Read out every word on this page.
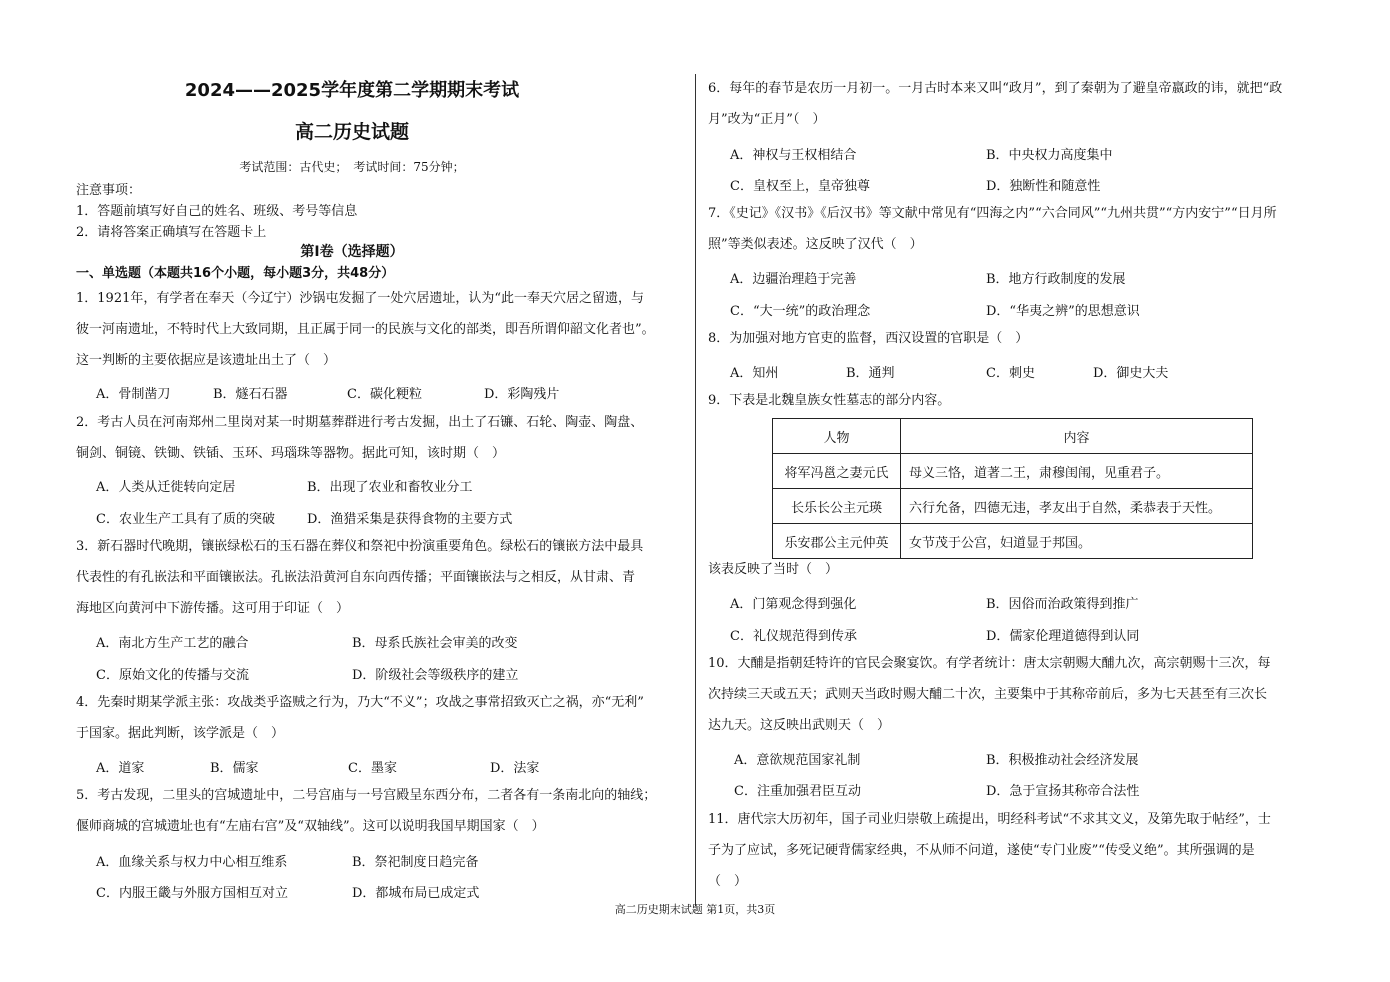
2024——2025学年度第二学期期末考试
高二历史试题
考试范围：古代史；　考试时间：75分钟；
注意事项：
1．答题前填写好自己的姓名、班级、考号等信息
2．请将答案正确填写在答题卡上
第Ⅰ卷（选择题）
一、单选题（本题共16个小题，每小题3分，共48分）
1．1921年，有学者在奉天（今辽宁）沙锅屯发掘了一处穴居遗址，认为“此一奉天穴居之留遗，与
彼一河南遗址，不特时代上大致同期，且正属于同一的民族与文化的部类，即吾所谓仰韶文化者也”。
这一判断的主要依据应是该遗址出土了（　）
A．骨制凿刀	B．燧石石器	C．碳化粳粒	D．彩陶残片
2．考古人员在河南郑州二里岗对某一时期墓葬群进行考古发掘，出土了石镰、石轮、陶壶、陶盘、
铜剑、铜镜、铁锄、铁锸、玉环、玛瑙珠等器物。据此可知，该时期（　）
A．人类从迁徙转向定居	B．出现了农业和畜牧业分工
C．农业生产工具有了质的突破 D．渔猎采集是获得食物的主要方式
3．新石器时代晚期，镶嵌绿松石的玉石器在葬仪和祭祀中扮演重要角色。绿松石的镶嵌方法中最具
代表性的有孔嵌法和平面镶嵌法。孔嵌法沿黄河自东向西传播；平面镶嵌法与之相反，从甘肃、青
海地区向黄河中下游传播。这可用于印证（　）
A．南北方生产工艺的融合	B．母系氏族社会审美的改变
C．原始文化的传播与交流	D．阶级社会等级秩序的建立
4．先秦时期某学派主张：攻战类乎盗贼之行为，乃大“不义”；攻战之事常招致灭亡之祸，亦“无利”
于国家。据此判断，该学派是（　）
A．道家	B．儒家	C．墨家	D．法家
5．考古发现，二里头的宫城遗址中，二号宫庙与一号宫殿呈东西分布，二者各有一条南北向的轴线；
偃师商城的宫城遗址也有“左庙右宫”及“双轴线”。这可以说明我国早期国家（　）
A．血缘关系与权力中心相互维系	B．祭祀制度日趋完备
C．内服王畿与外服方国相互对立	D．都城布局已成定式
6．每年的春节是农历一月初一。一月古时本来又叫“政月”，到了秦朝为了避皇帝嬴政的讳，就把“政
月”改为“正月”（　）
A．神权与王权相结合	B．中央权力高度集中
C．皇权至上，皇帝独尊	D．独断性和随意性
7．《史记》《汉书》《后汉书》等文献中常见有“四海之内”“六合同风”“九州共贯”“方内安宁”“日月所
照”等类似表述。这反映了汉代（　）
A．边疆治理趋于完善	B．地方行政制度的发展
C．“大一统”的政治理念	D．“华夷之辨”的思想意识
8．为加强对地方官吏的监督，西汉设置的官职是（　）
A．知州	B．通判	C．刺史	D．御史大夫
9．下表是北魏皇族女性墓志的部分内容。
人物	内容
将军冯邕之妻元氏	母义三恪，道著二王，肃穆闺闱，见重君子。
长乐长公主元瑛	六行允备，四德无违，孝友出于自然，柔恭表于天性。
乐安郡公主元仲英	女节茂于公宫，妇道显于邦国。
该表反映了当时（　）
A．门第观念得到强化	B．因俗而治政策得到推广
C．礼仪规范得到传承	D．儒家伦理道德得到认同
10．大酺是指朝廷特许的官民会聚宴饮。有学者统计：唐太宗朝赐大酺九次，高宗朝赐十三次，每
次持续三天或五天；武则天当政时赐大酺二十次，主要集中于其称帝前后，多为七天甚至有三次长
达九天。这反映出武则天（　）
A．意欲规范国家礼制	B．积极推动社会经济发展
C．注重加强君臣互动	D．急于宣扬其称帝合法性
11．唐代宗大历初年，国子司业归崇敬上疏提出，明经科考试“不求其文义，及第先取于帖经”，士
子为了应试，多死记硬背儒家经典，不从师不问道，遂使“专门业废”“传受义绝”。其所强调的是
（　）
高二历史期末试题 第1页，共3页
